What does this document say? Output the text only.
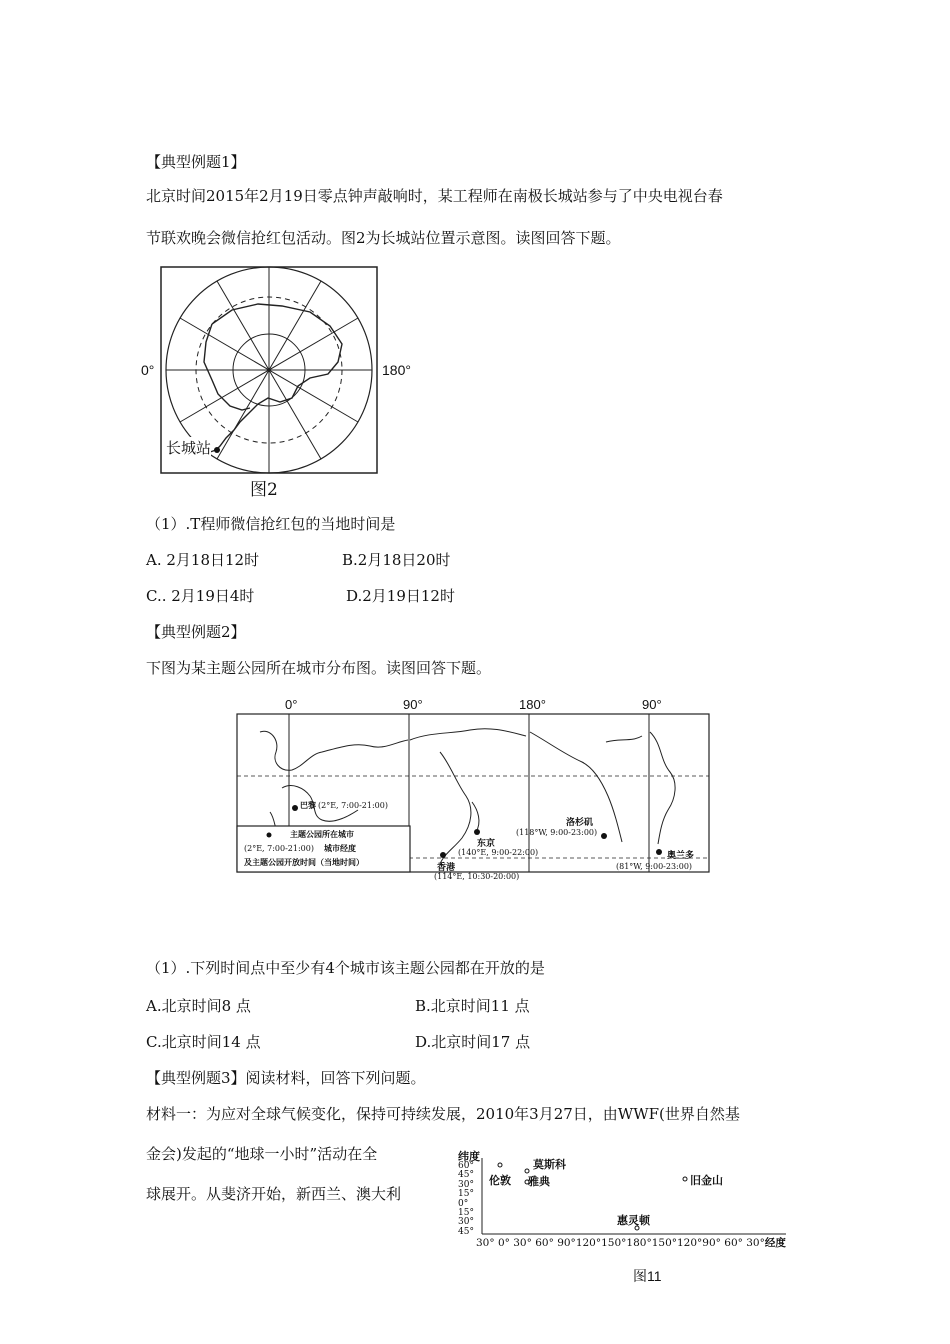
【典型例题1】
北京时间2015年2月19日零点钟声敲响时，某工程师在南极长城站参与了中央电视台春
节联欢晚会微信抢红包活动。图2为长城站位置示意图。读图回答下题。
0°	180°
长城站
图2
（1）.T程师微信抢红包的当地时间是
A. 2月18日12时	B.2月18日20时
C.. 2月19日4时	D.2月19日12时
【典型例题2】
下图为某主题公园所在城市分布图。读图回答下题。
0°	90°	180°	90°
巴黎 (2°E, 7:00-21:00)
东京
(140°E, 9:00-22:00)
香港
(114°E, 10:30-20:00)
洛杉矶
(118°W, 9:00-23:00)
奥兰多
(81°W, 9:00-23:00)
主题公园所在城市
(2°E, 7:00-21:00) 城市经度
及主题公园开放时间（当地时间）
（1）.下列时间点中至少有4个城市该主题公园都在开放的是
A.北京时间8 点	B.北京时间11 点
C.北京时间14 点	D.北京时间17 点
【典型例题3】阅读材料，回答下列问题。
材料一：为应对全球气候变化，保持可持续发展，2010年3月27日，由WWF(世界自然基
金会)发起的“地球一小时”活动在全
球展开。从斐济开始，新西兰、澳大利
纬度
60°
45°
30°
15°
0°
15°
30°
45°
30° 0° 30° 60° 90°120°150°180°150°120°90° 60° 30°经度
伦敦
莫斯科
雅典	旧金山
惠灵顿
图11
